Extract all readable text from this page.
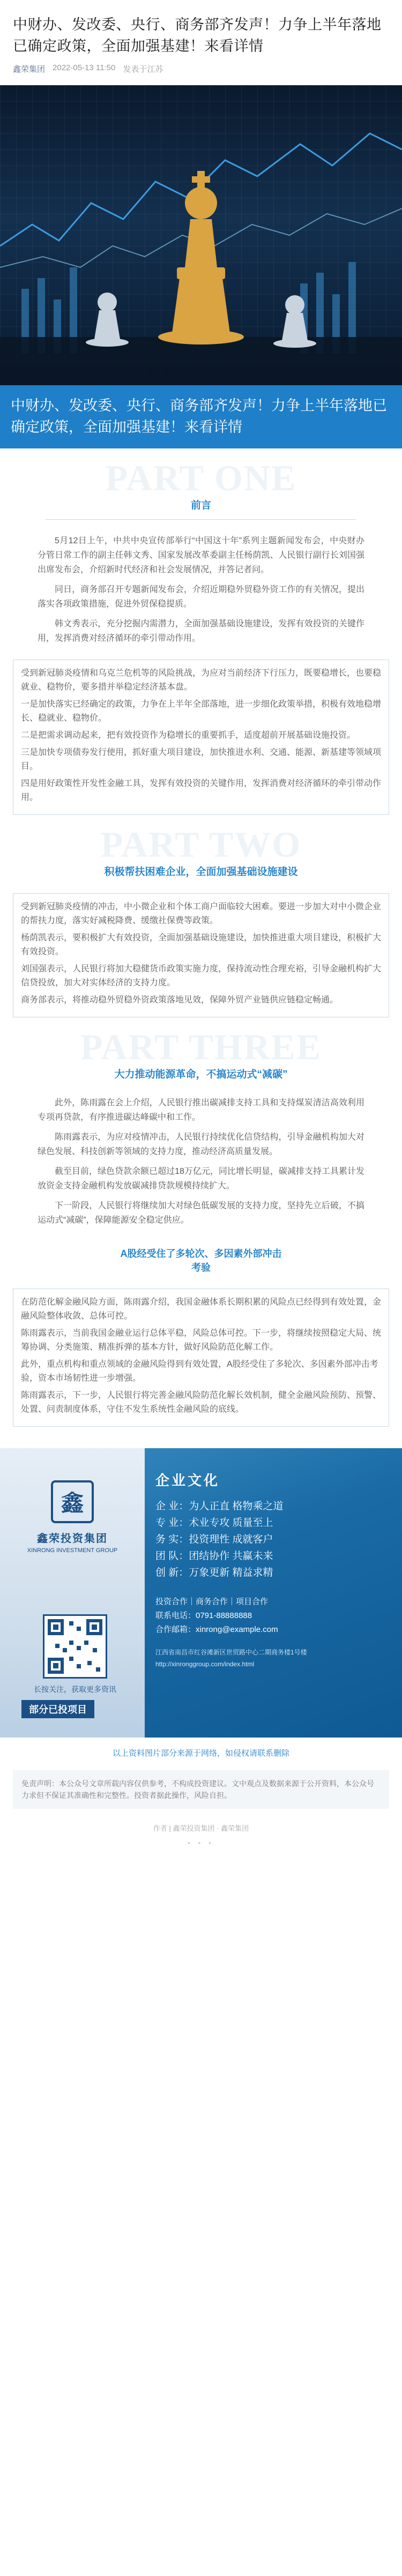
中财办、发改委、央行、商务部齐发声！力争上半年落地已确定政策，全面加强基建！来看详情
鑫荣集团 2022-05-13 11:50 发表于江苏

中财办、发改委、央行、商务部齐发声！力争上半年落地已确定政策，全面加强基建！来看详情

PART ONE
前言

5月12日上午，中共中央宣传部举行“中国这十年”系列主题新闻发布会，中央财办分管日常工作的副主任韩文秀、国家发展改革委副主任杨荫凯、人民银行副行长刘国强出席发布会，介绍新时代经济和社会发展情况，并答记者问。

同日，商务部召开专题新闻发布会，介绍近期稳外贸稳外资工作的有关情况，提出落实各项政策措施，促进外贸保稳提质。

韩文秀表示，充分挖掘内需潜力，全面加强基础设施建设，发挥有效投资的关键作用，发挥消费对经济循环的牵引带动作用。

受到新冠肺炎疫情和乌克兰危机等的风险挑战，为应对当前经济下行压力，既要稳增长，也要稳就业、稳物价，要多措并举稳定经济基本盘。

一是加快落实已经确定的政策，力争在上半年全部落地，进一步细化政策举措，积极有效地稳增长、稳就业、稳物价。

二是把需求调动起来，把有效投资作为稳增长的重要抓手，适度超前开展基础设施投资。

三是加快专项债券发行使用，抓好重大项目建设，加快推进水利、交通、能源、新基建等领域项目。

四是用好政策性开发性金融工具，发挥有效投资的关键作用，发挥消费对经济循环的牵引带动作用。

PART TWO
积极帮扶困难企业，全面加强基础设施建设

受到新冠肺炎疫情的冲击，中小微企业和个体工商户面临较大困难。要进一步加大对中小微企业的帮扶力度，落实好减税降费、缓缴社保费等政策。

杨荫凯表示，要积极扩大有效投资，全面加强基础设施建设，加快推进重大项目建设，积极扩大有效投资。

刘国强表示，人民银行将加大稳健货币政策实施力度，保持流动性合理充裕，引导金融机构扩大信贷投放，加大对实体经济的支持力度。

商务部表示，将推动稳外贸稳外资政策落地见效，保障外贸产业链供应链稳定畅通。

PART THREE
大力推动能源革命，不搞运动式“减碳”

此外，陈雨露在会上介绍，人民银行推出碳减排支持工具和支持煤炭清洁高效利用专项再贷款，有序推进碳达峰碳中和工作。

陈雨露表示，为应对疫情冲击，人民银行持续优化信贷结构，引导金融机构加大对绿色发展、科技创新等领域的支持力度，推动经济高质量发展。

截至目前，绿色贷款余额已超过18万亿元，同比增长明显，碳减排支持工具累计发放资金支持金融机构发放碳减排贷款规模持续扩大。

下一阶段，人民银行将继续加大对绿色低碳发展的支持力度，坚持先立后破，不搞运动式“减碳”，保障能源安全稳定供应。

A股经受住了多轮次、多因素外部冲击
考验

在防范化解金融风险方面，陈雨露介绍，我国金融体系长期积累的风险点已经得到有效处置，金融风险整体收敛、总体可控。

陈雨露表示，当前我国金融业运行总体平稳，风险总体可控。下一步，将继续按照稳定大局、统筹协调、分类施策、精准拆弹的基本方针，做好风险防范化解工作。

此外，重点机构和重点领域的金融风险得到有效处置，A股经受住了多轮次、多因素外部冲击考验，资本市场韧性进一步增强。

陈雨露表示，下一步，人民银行将完善金融风险防范化解长效机制，健全金融风险预防、预警、处置、问责制度体系，守住不发生系统性金融风险的底线。

鑫
鑫荣投资集团
XINRONG INVESTMENT GROUP
长按关注，获取更多资讯
部分已投项目
企业文化
企 业：为人正直 格物乘之道
专 业：术业专攻 质量至上
务 实：投资理性 成就客户
团 队：团结协作 共赢未来
创 新：万象更新 精益求精
投资合作｜商务合作｜项目合作
联系电话：0791-88888888
合作邮箱：xinrong@example.com
江西省南昌市红谷滩新区世贸路中心二期商务楼1号楼
http://xinronggroup.com/index.html
以上资料图片部分来源于网络，如侵权请联系删除
免责声明：本公众号文章所载内容仅供参考，不构成投资建议。文中观点及数据来源于公开资料，本公众号力求但不保证其准确性和完整性。投资者据此操作，风险自担。
作者 | 鑫荣投资集团 · 鑫荣集团
• • •
